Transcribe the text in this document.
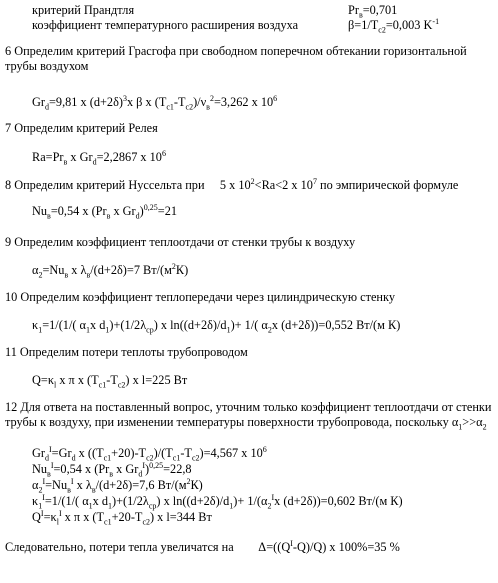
критерий Прандтля	$Pr_в=0,701$
коэффициент температурного расширения воздуха	$\beta=1/T_{c2}=0,003$ $K^{-1}$
6 Определим критерий Грасгофа при свободном поперечном обтекании горизонтальной трубы воздухом
$Gr_d=9,81$ x $(d+2\delta)^3x$ β x $(T_{c1}-T_{c2})/\nu_в^2=3,262$ x $10^6$
7 Определим критерий Релея
$Ra=Pr_в$ x $Gr_d=2,2867$ x $10^6$
8 Определим критерий Нуссельта при     5 x $10^2<Ra<2$ x $10^7$ по эмпирической формуле
$Nu_в=0,54$ x ($Pr_в$ x $Gr_d)^{0,25}=21$
9 Определим коэффициент теплоотдачи от стенки трубы к воздуху
$\alpha_2=Nu_в$ x $\lambda_в/(d+2\delta)=7$ $Вт/(м^2К)$
10 Определим коэффициент теплопередачи через цилиндрическую стенку
$\kappa_1=1/(1/$( $\alpha_1x$ $d_1)+(1/2\lambda_{ср})$ x $\ln((d+2\delta)/d_1)+ 1/$( $\alpha_2x$ (d+2δ))=0,552 Вт/(м К)
11 Определим потери теплоты трубопроводом
$Q=\kappa_l$ x π x $(T_{c1}-T_{c2})$ x l=225 Вт
12 Для ответа на поставленный вопрос, уточним только коэффициент теплоотдачи от стенки трубы к воздуху, при изменении температуры поверхности трубопровода, поскольку $\alpha_1>>\alpha_2$
$Gr_d^I=Gr_d$ x $((T_{c1}+20)-T_{c2})/(T_{c1}-T_{c2})=4,567$ x $10^6$
$Nu_в^I=0,54$ x ($Pr_в$ x $Gr_d^I)^{0,25}=22,8$
$\alpha_2^I=Nu_в^I$ x $\lambda_в/(d+2\delta)=7,6$ $Вт/(м^2К)$
$\kappa_1^I=1/(1/$( $\alpha_1x$ $d_1)+(1/2\lambda_{ср})$ x $\ln((d+2\delta)/d_1)+ 1/(\alpha_2^Ix$ (d+2δ))=0,602 Вт/(м К)
$Q^I=\kappa_l^I$ x π x $(T_{c1}+20-T_{c2})$ x l=344 Вт
Следовательно, потери тепла увеличатся на        $\Delta=((Q^I-Q)/Q)$ x 100%=35 %
